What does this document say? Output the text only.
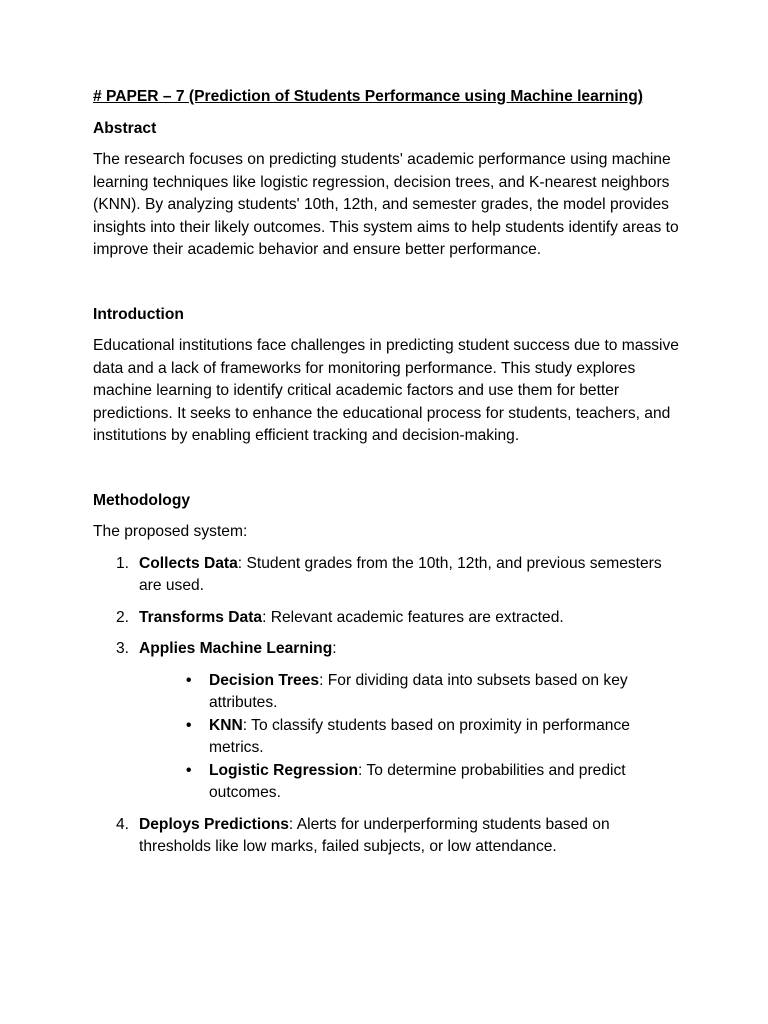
# PAPER – 7 (Prediction of Students Performance using Machine learning)
Abstract
The research focuses on predicting students' academic performance using machine learning techniques like logistic regression, decision trees, and K-nearest neighbors (KNN). By analyzing students' 10th, 12th, and semester grades, the model provides insights into their likely outcomes. This system aims to help students identify areas to improve their academic behavior and ensure better performance.
Introduction
Educational institutions face challenges in predicting student success due to massive data and a lack of frameworks for monitoring performance. This study explores machine learning to identify critical academic factors and use them for better predictions. It seeks to enhance the educational process for students, teachers, and institutions by enabling efficient tracking and decision-making.
Methodology
The proposed system:
1. Collects Data: Student grades from the 10th, 12th, and previous semesters are used.
2. Transforms Data: Relevant academic features are extracted.
3. Applies Machine Learning:
• Decision Trees: For dividing data into subsets based on key attributes.
• KNN: To classify students based on proximity in performance metrics.
• Logistic Regression: To determine probabilities and predict outcomes.
4. Deploys Predictions: Alerts for underperforming students based on thresholds like low marks, failed subjects, or low attendance.
